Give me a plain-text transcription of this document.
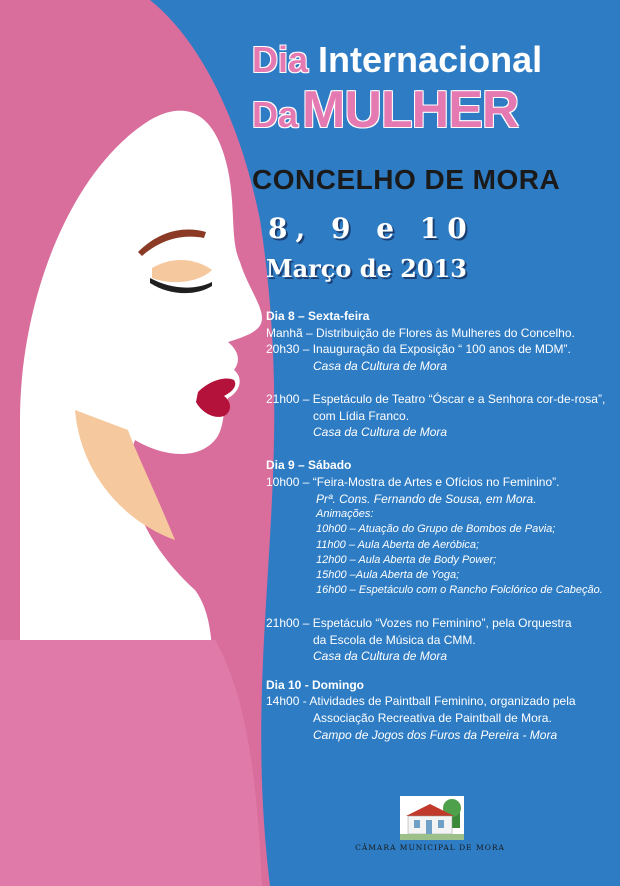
Dia Internacional
DaMULHER
CONCELHO DE MORA
8, 9 e 10
Março de 2013
Dia 8 – Sexta-feira
Manhã – Distribuição de Flores às Mulheres do Concelho.
20h30 – Inauguração da Exposição “ 100 anos de MDM”.
Casa da Cultura de Mora
21h00 – Espetáculo de Teatro “Óscar e a Senhora cor-de-rosa”,
com Lídia Franco.
Casa da Cultura de Mora
Dia 9 – Sábado
10h00 – “Feira-Mostra de Artes e Ofícios no Feminino”.
Prª. Cons. Fernando de Sousa, em Mora.
Animações:
10h00 – Atuação do Grupo de Bombos de Pavia;
11h00 – Aula Aberta de Aeróbica;
12h00 – Aula Aberta de Body Power;
15h00 –Aula Aberta de Yoga;
16h00 – Espetáculo com o Rancho Folclórico de Cabeção.
21h00 – Espetáculo “Vozes no Feminino”, pela Orquestra
da Escola de Música da CMM.
Casa da Cultura de Mora
Dia 10 - Domingo
14h00 - Atividades de Paintball Feminino, organizado pela
Associação Recreativa de Paintball de Mora.
Campo de Jogos dos Furos da Pereira - Mora
CÂMARA MUNICIPAL DE MORA
